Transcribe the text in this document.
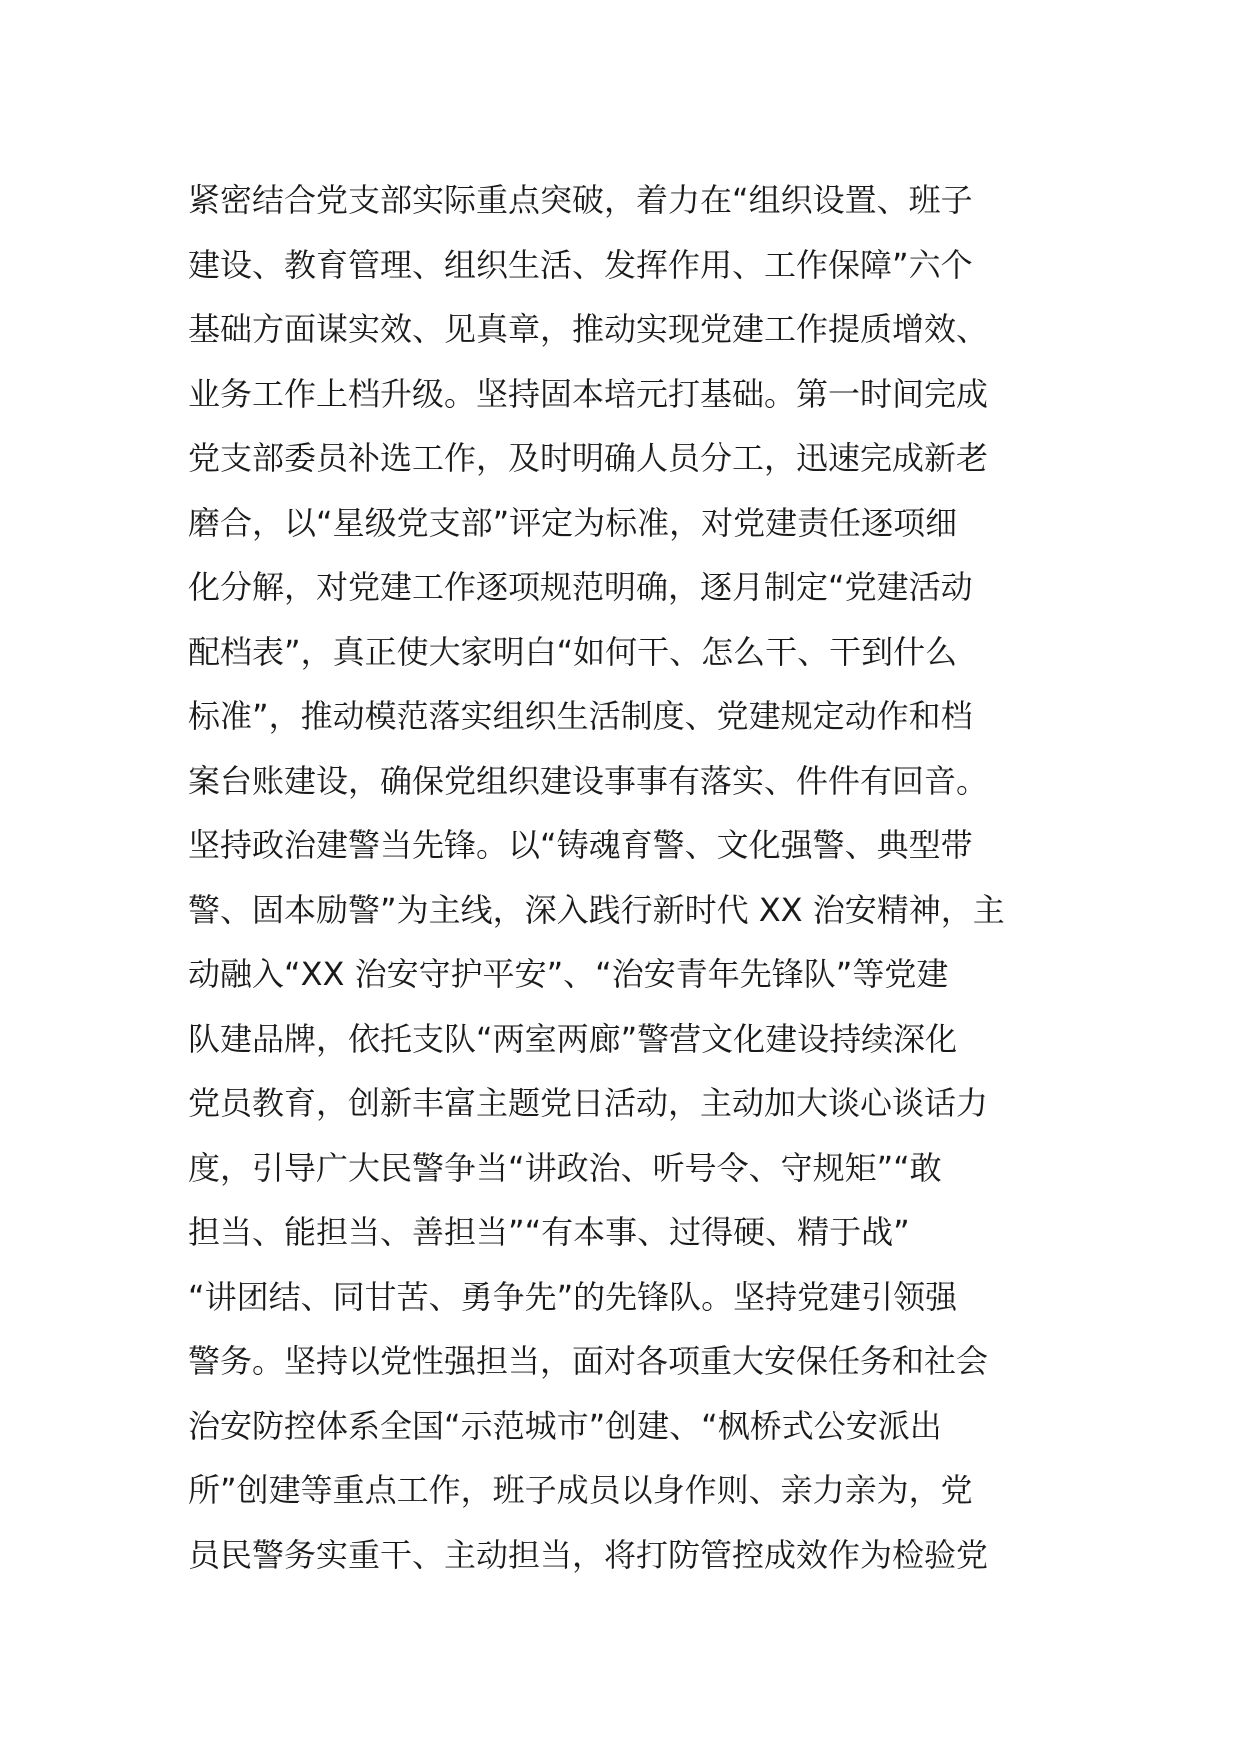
紧密结合党支部实际重点突破，着力在“组织设置、班子
建设、教育管理、组织生活、发挥作用、工作保障”六个
基础方面谋实效、见真章，推动实现党建工作提质增效、
业务工作上档升级。坚持固本培元打基础。第一时间完成
党支部委员补选工作，及时明确人员分工，迅速完成新老
磨合，以“星级党支部”评定为标准，对党建责任逐项细
化分解，对党建工作逐项规范明确，逐月制定“党建活动
配档表”，真正使大家明白“如何干、怎么干、干到什么
标准”，推动模范落实组织生活制度、党建规定动作和档
案台账建设，确保党组织建设事事有落实、件件有回音。
坚持政治建警当先锋。以“铸魂育警、文化强警、典型带
警、固本励警”为主线，深入践行新时代 XX 治安精神，主
动融入“XX 治安守护平安”、“治安青年先锋队”等党建
队建品牌，依托支队“两室两廊”警营文化建设持续深化
党员教育，创新丰富主题党日活动，主动加大谈心谈话力
度，引导广大民警争当“讲政治、听号令、守规矩”“敢
担当、能担当、善担当”“有本事、过得硬、精于战”
“讲团结、同甘苦、勇争先”的先锋队。坚持党建引领强
警务。坚持以党性强担当，面对各项重大安保任务和社会
治安防控体系全国“示范城市”创建、“枫桥式公安派出
所”创建等重点工作，班子成员以身作则、亲力亲为，党
员民警务实重干、主动担当，将打防管控成效作为检验党
